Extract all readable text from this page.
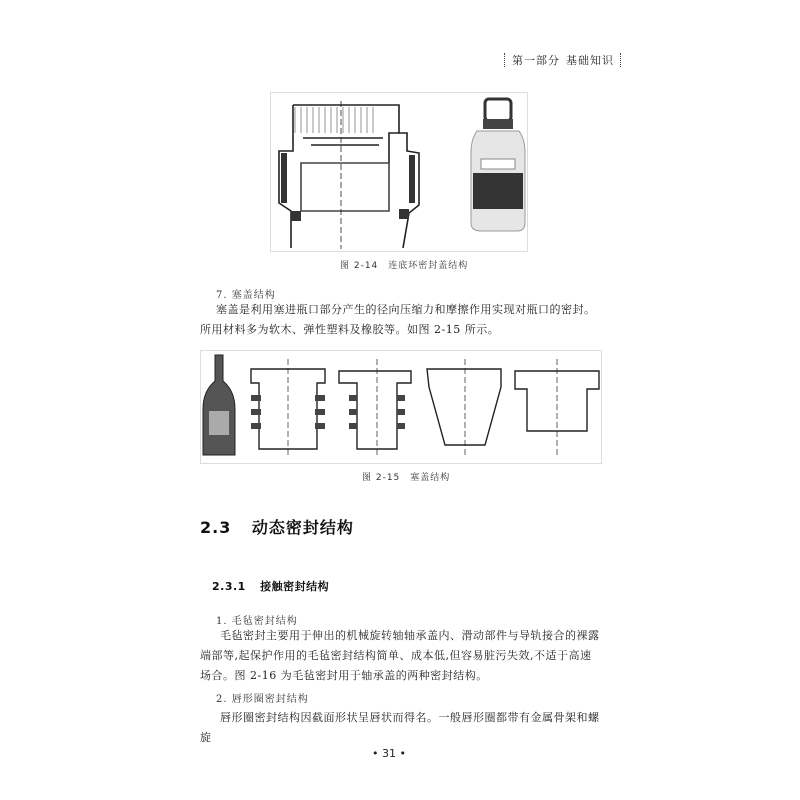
第一部分 基础知识
图 2-14　连底环密封盖结构
7. 塞盖结构
塞盖是利用塞进瓶口部分产生的径向压缩力和摩擦作用实现对瓶口的密封。所用材料多为软木、弹性塑料及橡胶等。如图 2-15 所示。
图 2-15　塞盖结构
2.3 动态密封结构
2.3.1 接触密封结构
1. 毛毡密封结构
毛毡密封主要用于伸出的机械旋转轴轴承盖内、滑动部件与导轨接合的裸露端部等,起保护作用的毛毡密封结构简单、成本低,但容易脏污失效,不适于高速场合。图 2-16 为毛毡密封用于轴承盖的两种密封结构。
2. 唇形圈密封结构
唇形圈密封结构因截面形状呈唇状而得名。一般唇形圈都带有金属骨架和螺旋
• 31 •
